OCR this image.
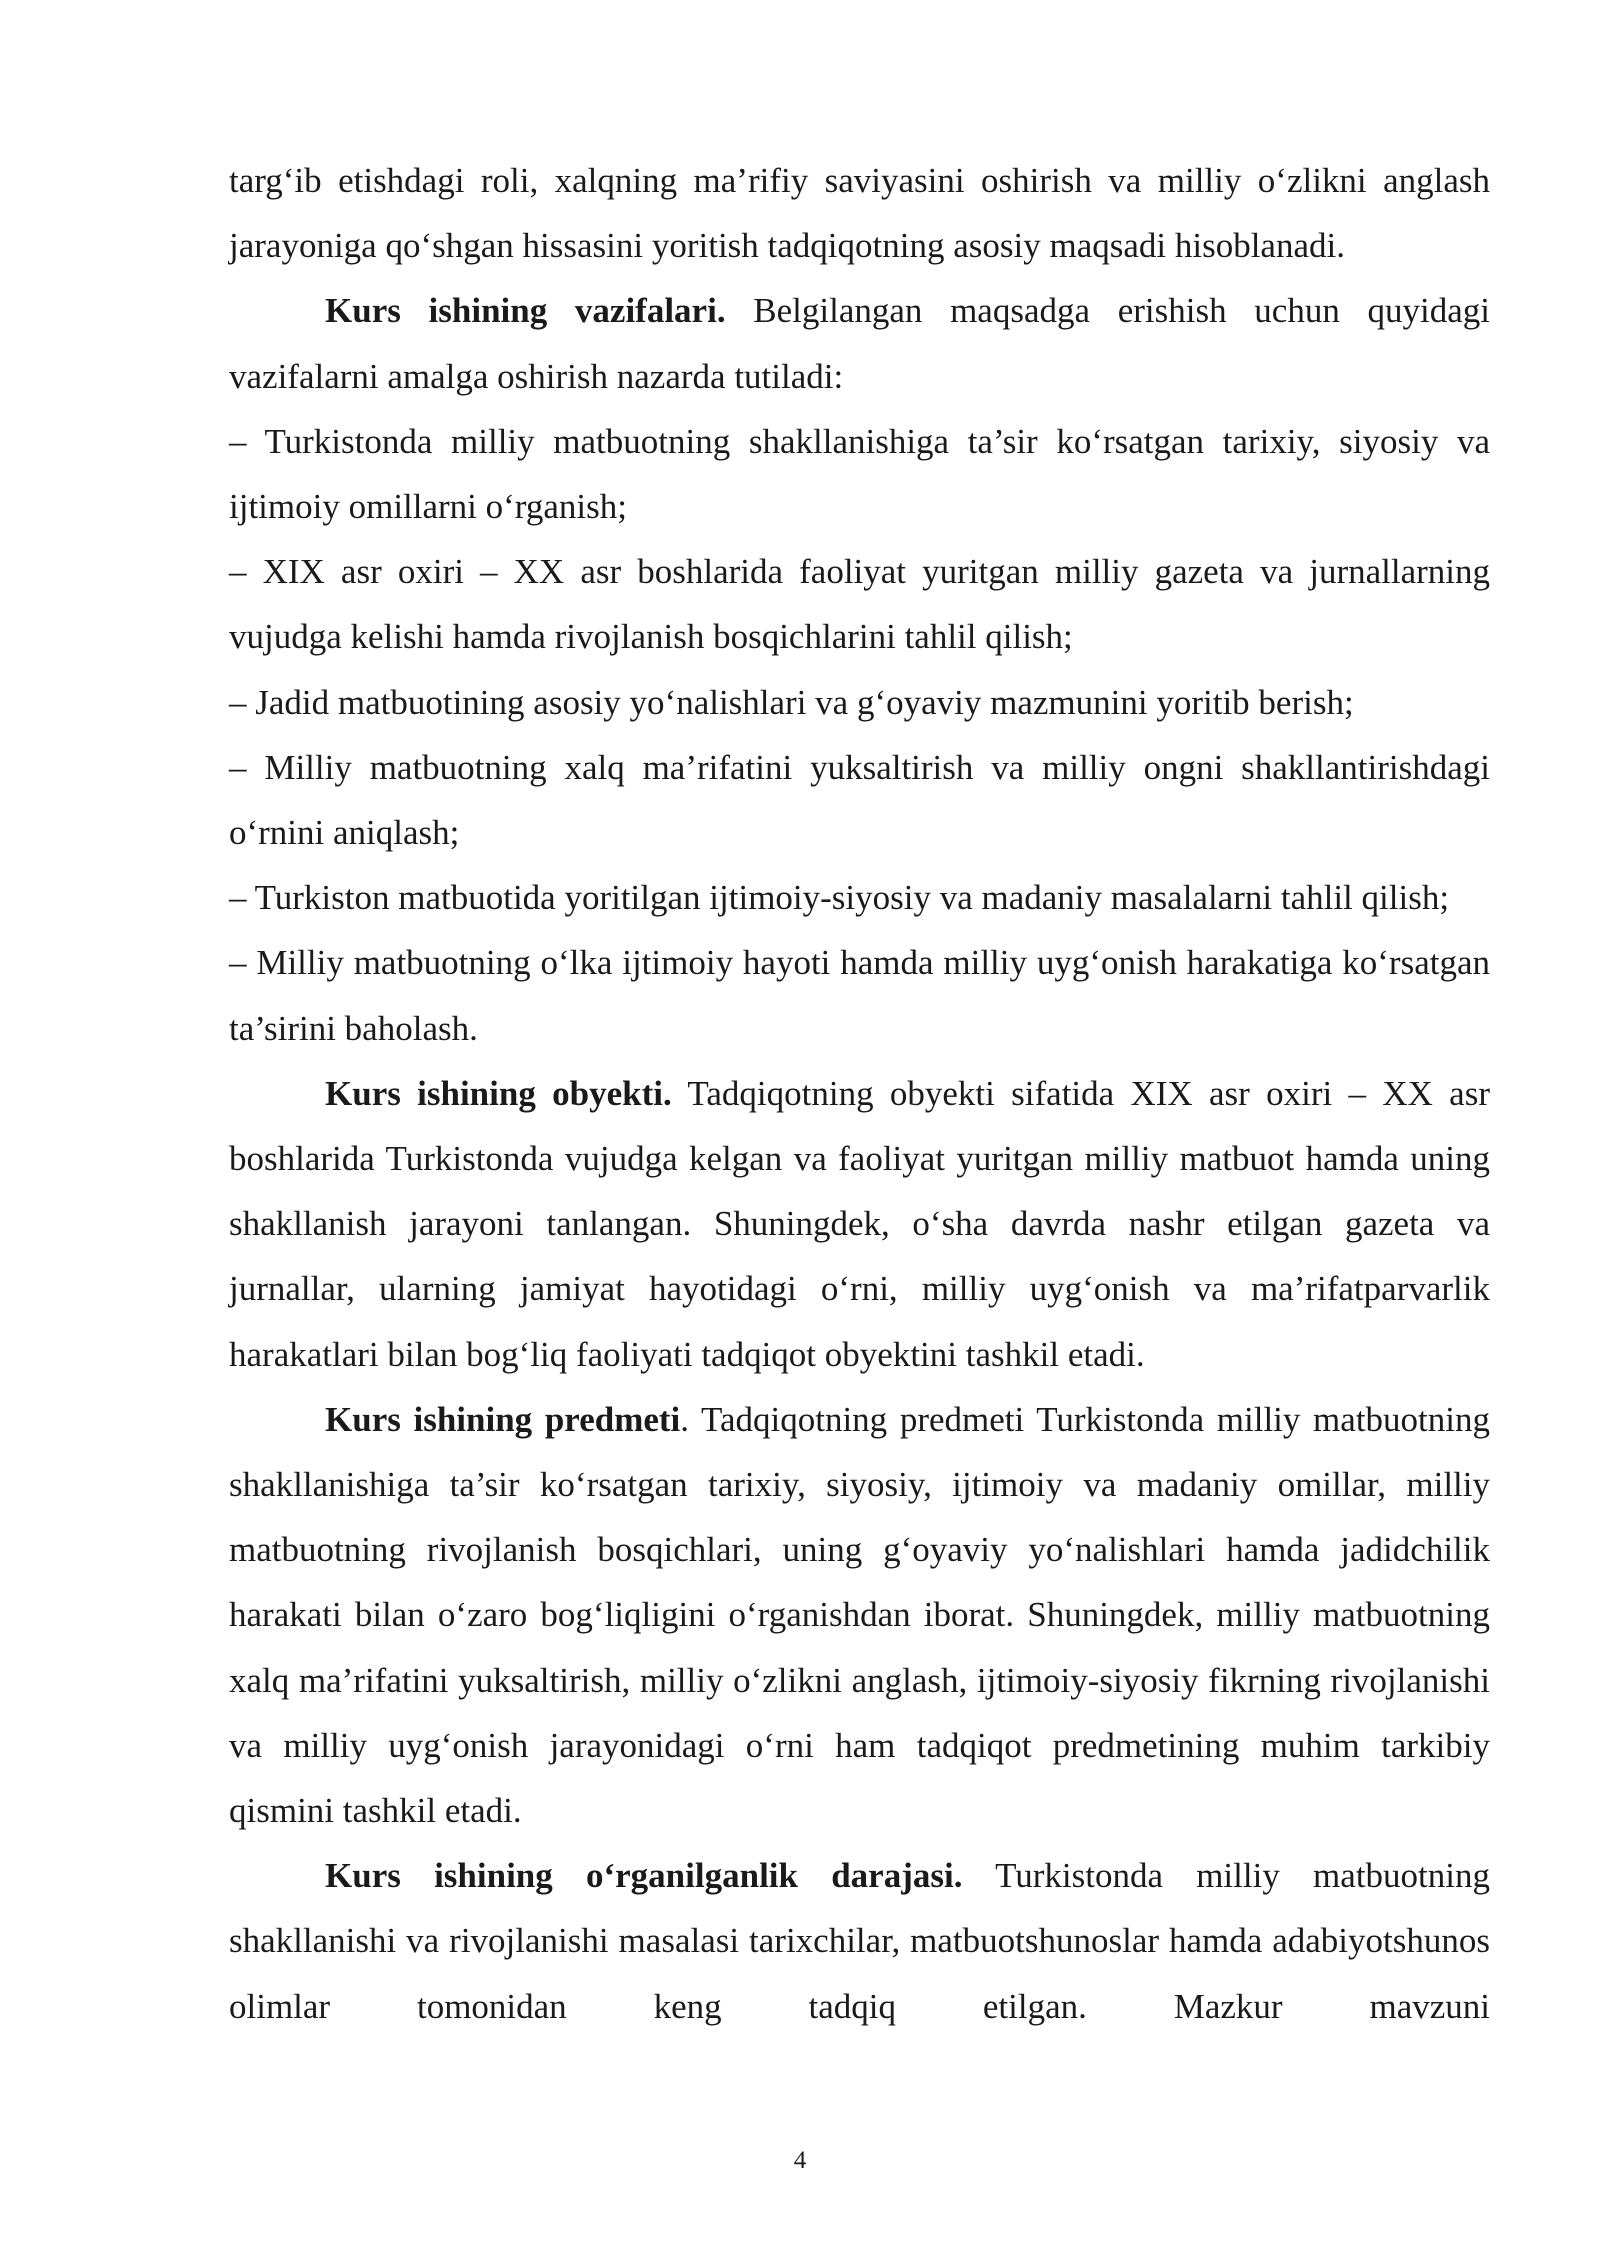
targ‘ib etishdagi roli, xalqning ma’rifiy saviyasini oshirish va milliy o‘zlikni anglash jarayoniga qo‘shgan hissasini yoritish tadqiqotning asosiy maqsadi hisoblanadi.

Kurs ishining vazifalari. Belgilangan maqsadga erishish uchun quyidagi vazifalarni amalga oshirish nazarda tutiladi:

– Turkistonda milliy matbuotning shakllanishiga ta’sir ko‘rsatgan tarixiy, siyosiy va ijtimoiy omillarni o‘rganish;

– XIX asr oxiri – XX asr boshlarida faoliyat yuritgan milliy gazeta va jurnallarning vujudga kelishi hamda rivojlanish bosqichlarini tahlil qilish;

– Jadid matbuotining asosiy yo‘nalishlari va g‘oyaviy mazmunini yoritib berish;

– Milliy matbuotning xalq ma’rifatini yuksaltirish va milliy ongni shakllantirishdagi o‘rnini aniqlash;

– Turkiston matbuotida yoritilgan ijtimoiy-siyosiy va madaniy masalalarni tahlil qilish;

– Milliy matbuotning o‘lka ijtimoiy hayoti hamda milliy uyg‘onish harakatiga ko‘rsatgan ta’sirini baholash.

Kurs ishining obyekti. Tadqiqotning obyekti sifatida XIX asr oxiri – XX asr boshlarida Turkistonda vujudga kelgan va faoliyat yuritgan milliy matbuot hamda uning shakllanish jarayoni tanlangan. Shuningdek, o‘sha davrda nashr etilgan gazeta va jurnallar, ularning jamiyat hayotidagi o‘rni, milliy uyg‘onish va ma’rifatparvarlik harakatlari bilan bog‘liq faoliyati tadqiqot obyektini tashkil etadi.

Kurs ishining predmeti. Tadqiqotning predmeti Turkistonda milliy matbuotning shakllanishiga ta’sir ko‘rsatgan tarixiy, siyosiy, ijtimoiy va madaniy omillar, milliy matbuotning rivojlanish bosqichlari, uning g‘oyaviy yo‘nalishlari hamda jadidchilik harakati bilan o‘zaro bog‘liqligini o‘rganishdan iborat. Shuningdek, milliy matbuotning xalq ma’rifatini yuksaltirish, milliy o‘zlikni anglash, ijtimoiy-siyosiy fikrning rivojlanishi va milliy uyg‘onish jarayonidagi o‘rni ham tadqiqot predmetining muhim tarkibiy qismini tashkil etadi.

Kurs ishining o‘rganilganlik darajasi. Turkistonda milliy matbuotning shakllanishi va rivojlanishi masalasi tarixchilar, matbuotshunoslar hamda adabiyotshunos olimlar tomonidan keng tadqiq etilgan. Mazkur mavzuni

4
